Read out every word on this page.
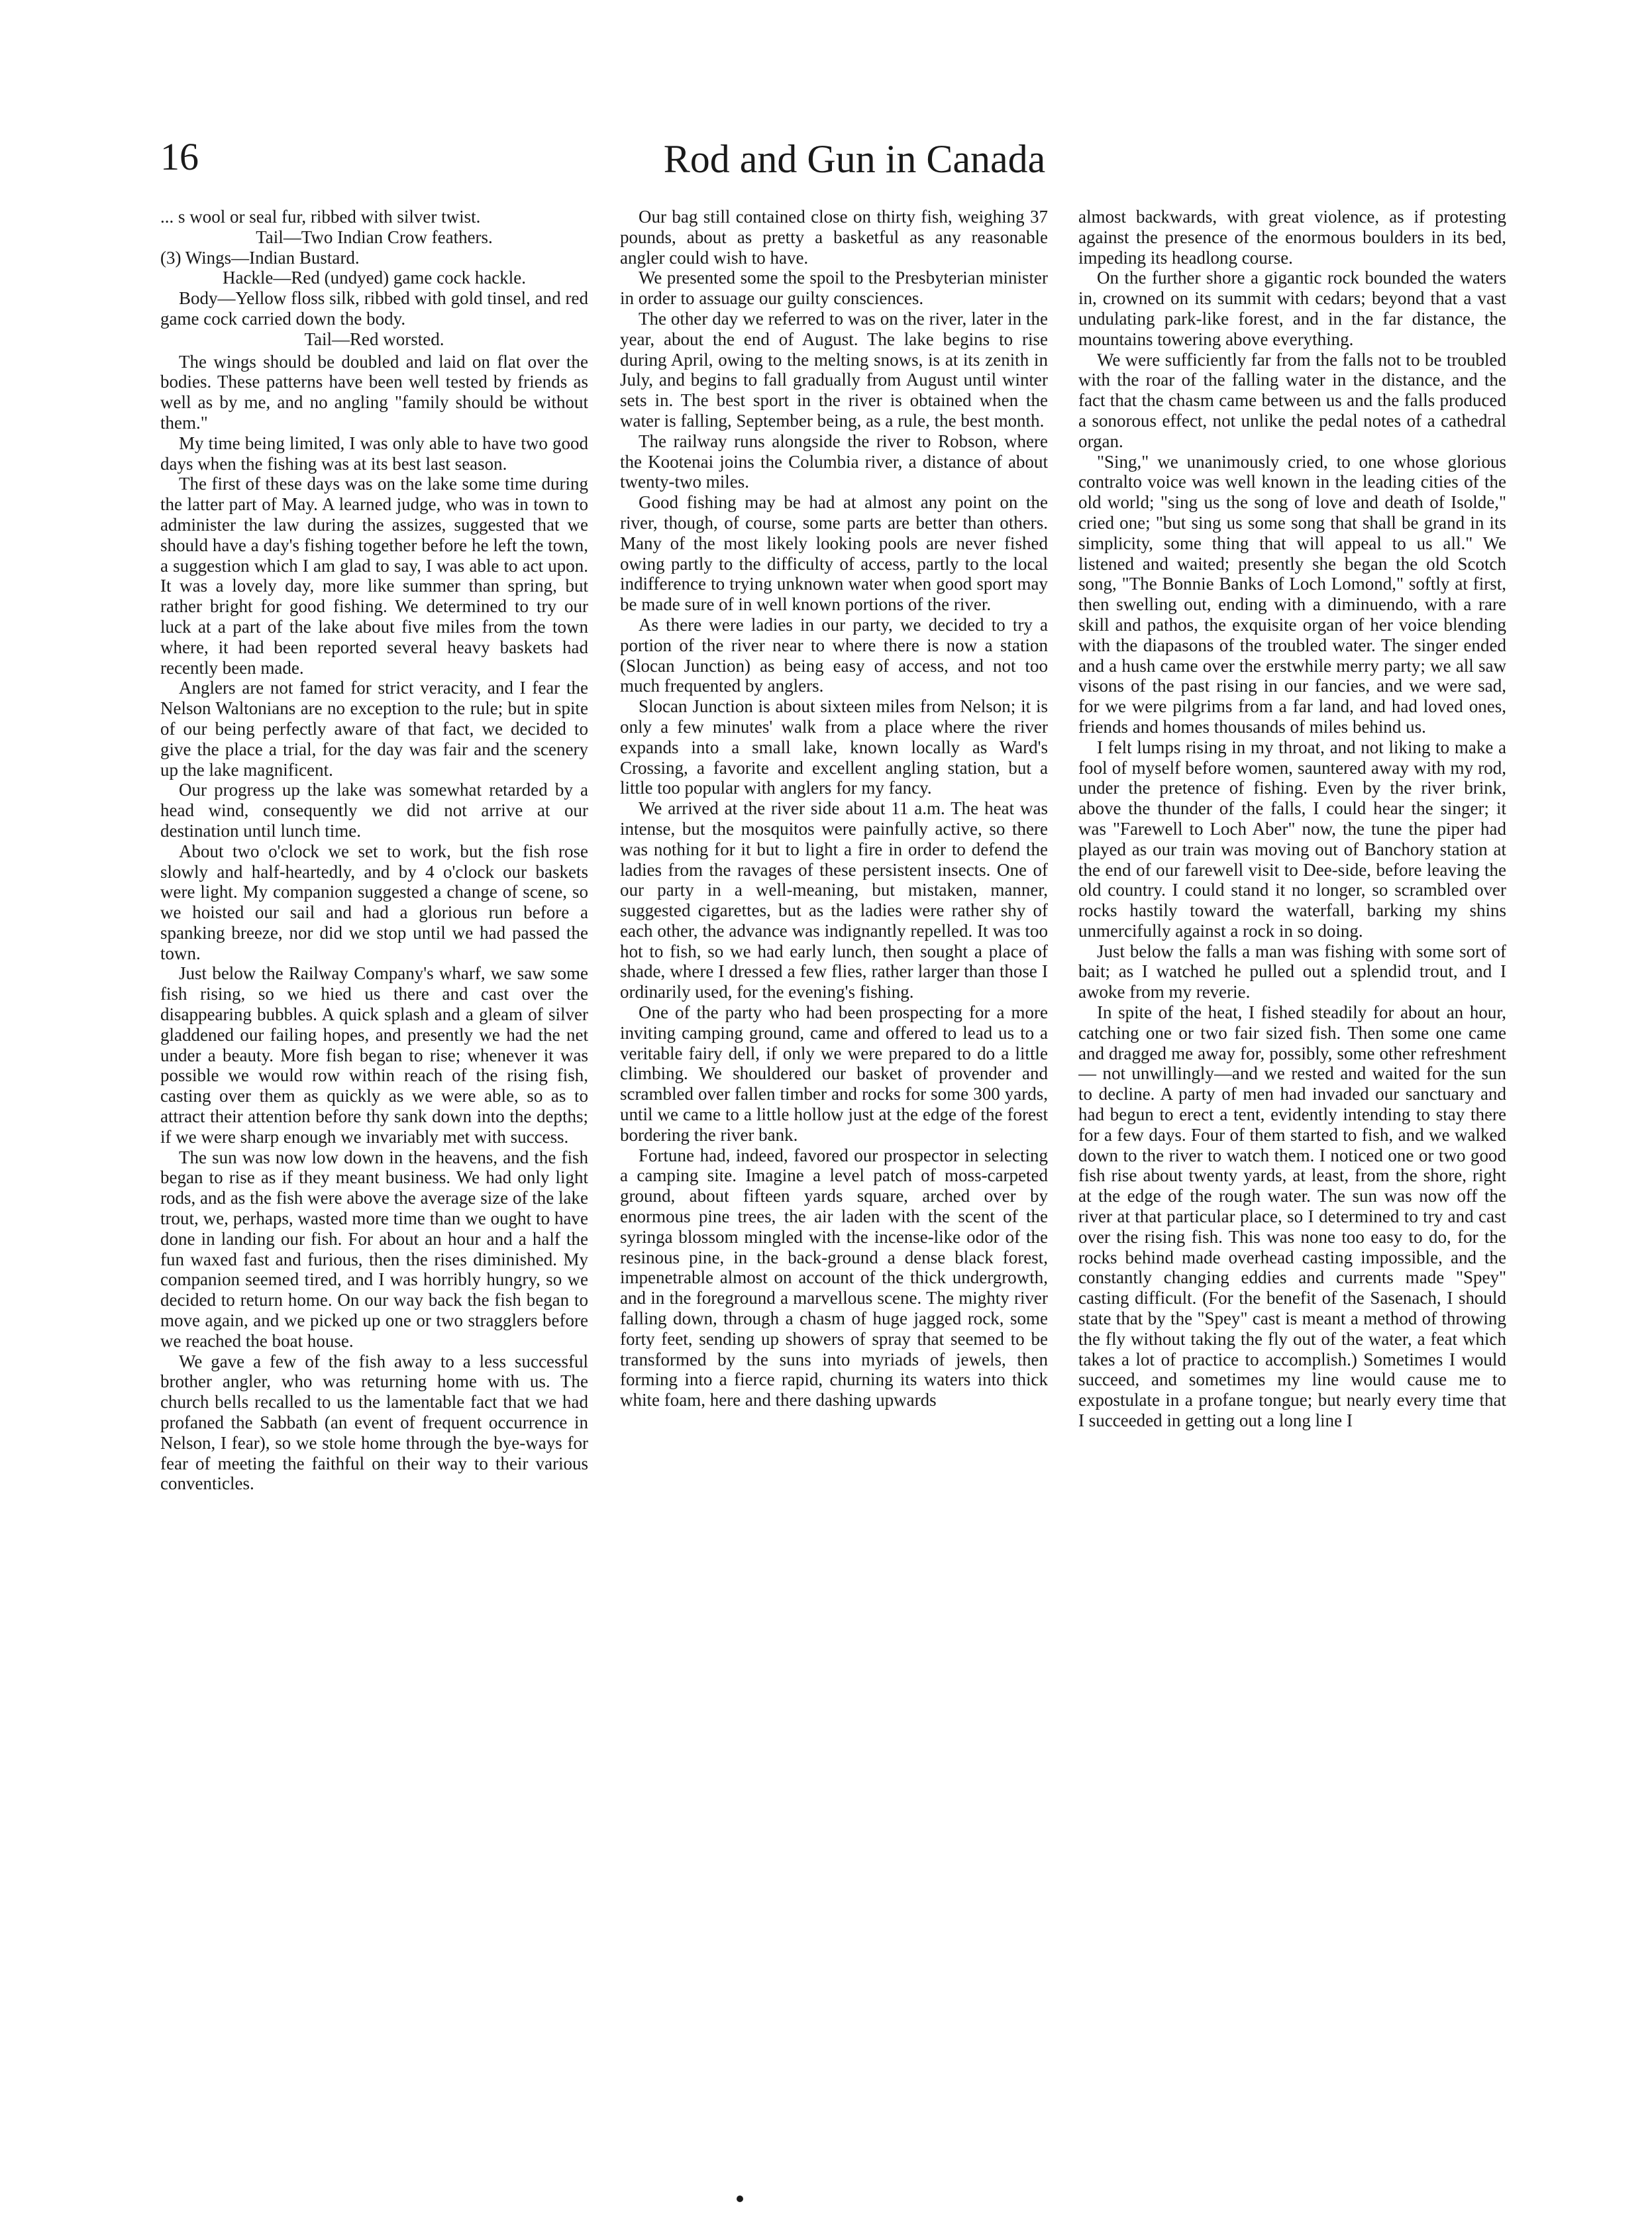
16	Rod and Gun in Canada

... s wool or seal fur, ribbed with silver twist.

Tail—Two Indian Crow feathers.

(3) Wings—Indian Bustard.

Hackle—Red (undyed) game cock hackle.

Body—Yellow floss silk, ribbed with gold tinsel, and red game cock carried down the body.

Tail—Red worsted.

The wings should be doubled and laid on flat over the bodies. These patterns have been well tested by friends as well as by me, and no angling "family should be without them."

My time being limited, I was only able to have two good days when the fishing was at its best last season.

The first of these days was on the lake some time during the latter part of May. A learned judge, who was in town to administer the law during the assizes, suggested that we should have a day's fishing together before he left the town, a suggestion which I am glad to say, I was able to act upon. It was a lovely day, more like summer than spring, but rather bright for good fishing. We determined to try our luck at a part of the lake about five miles from the town where, it had been reported several heavy baskets had recently been made.

Anglers are not famed for strict veracity, and I fear the Nelson Waltonians are no exception to the rule; but in spite of our being perfectly aware of that fact, we decided to give the place a trial, for the day was fair and the scenery up the lake magnificent.

Our progress up the lake was somewhat retarded by a head wind, consequently we did not arrive at our destination until lunch time.

About two o'clock we set to work, but the fish rose slowly and half-heartedly, and by 4 o'clock our baskets were light. My companion suggested a change of scene, so we hoisted our sail and had a glorious run before a spanking breeze, nor did we stop until we had passed the town.

Just below the Railway Company's wharf, we saw some fish rising, so we hied us there and cast over the disappearing bubbles. A quick splash and a gleam of silver gladdened our failing hopes, and presently we had the net under a beauty. More fish began to rise; whenever it was possible we would row within reach of the rising fish, casting over them as quickly as we were able, so as to attract their attention before thy sank down into the depths; if we were sharp enough we invariably met with success.

The sun was now low down in the heavens, and the fish began to rise as if they meant business. We had only light rods, and as the fish were above the average size of the lake trout, we, perhaps, wasted more time than we ought to have done in landing our fish. For about an hour and a half the fun waxed fast and furious, then the rises diminished. My companion seemed tired, and I was horribly hungry, so we decided to return home. On our way back the fish began to move again, and we picked up one or two stragglers before we reached the boat house.

We gave a few of the fish away to a less successful brother angler, who was returning home with us. The church bells recalled to us the lamentable fact that we had profaned the Sabbath (an event of frequent occurrence in Nelson, I fear), so we stole home through the bye-ways for fear of meeting the faithful on their way to their various conventicles.

Our bag still contained close on thirty fish, weighing 37 pounds, about as pretty a basketful as any reasonable angler could wish to have.

We presented some the spoil to the Presbyterian minister in order to assuage our guilty consciences.

The other day we referred to was on the river, later in the year, about the end of August. The lake begins to rise during April, owing to the melting snows, is at its zenith in July, and begins to fall gradually from August until winter sets in. The best sport in the river is obtained when the water is falling, September being, as a rule, the best month.

The railway runs alongside the river to Robson, where the Kootenai joins the Columbia river, a distance of about twenty-two miles.

Good fishing may be had at almost any point on the river, though, of course, some parts are better than others. Many of the most likely looking pools are never fished owing partly to the difficulty of access, partly to the local indifference to trying unknown water when good sport may be made sure of in well known portions of the river.

As there were ladies in our party, we decided to try a portion of the river near to where there is now a station (Slocan Junction) as being easy of access, and not too much frequented by anglers.

Slocan Junction is about sixteen miles from Nelson; it is only a few minutes' walk from a place where the river expands into a small lake, known locally as Ward's Crossing, a favorite and excellent angling station, but a little too popular with anglers for my fancy.

We arrived at the river side about 11 a.m. The heat was intense, but the mosquitos were painfully active, so there was nothing for it but to light a fire in order to defend the ladies from the ravages of these persistent insects. One of our party in a well-meaning, but mistaken, manner, suggested cigarettes, but as the ladies were rather shy of each other, the advance was indignantly repelled. It was too hot to fish, so we had early lunch, then sought a place of shade, where I dressed a few flies, rather larger than those I ordinarily used, for the evening's fishing.

One of the party who had been prospecting for a more inviting camping ground, came and offered to lead us to a veritable fairy dell, if only we were prepared to do a little climbing. We shouldered our basket of provender and scrambled over fallen timber and rocks for some 300 yards, until we came to a little hollow just at the edge of the forest bordering the river bank.

Fortune had, indeed, favored our prospector in selecting a camping site. Imagine a level patch of moss-carpeted ground, about fifteen yards square, arched over by enormous pine trees, the air laden with the scent of the syringa blossom mingled with the incense-like odor of the resinous pine, in the back-ground a dense black forest, impenetrable almost on account of the thick undergrowth, and in the foreground a marvellous scene. The mighty river falling down, through a chasm of huge jagged rock, some forty feet, sending up showers of spray that seemed to be transformed by the suns into myriads of jewels, then forming into a fierce rapid, churning its waters into thick white foam, here and there dashing upwards

almost backwards, with great violence, as if protesting against the presence of the enormous boulders in its bed, impeding its headlong course.

On the further shore a gigantic rock bounded the waters in, crowned on its summit with cedars; beyond that a vast undulating park-like forest, and in the far distance, the mountains towering above everything.

We were sufficiently far from the falls not to be troubled with the roar of the falling water in the distance, and the fact that the chasm came between us and the falls produced a sonorous effect, not unlike the pedal notes of a cathedral organ.

"Sing," we unanimously cried, to one whose glorious contralto voice was well known in the leading cities of the old world; "sing us the song of love and death of Isolde," cried one; "but sing us some song that shall be grand in its simplicity, some thing that will appeal to us all." We listened and waited; presently she began the old Scotch song, "The Bonnie Banks of Loch Lomond," softly at first, then swelling out, ending with a diminuendo, with a rare skill and pathos, the exquisite organ of her voice blending with the diapasons of the troubled water. The singer ended and a hush came over the erstwhile merry party; we all saw visons of the past rising in our fancies, and we were sad, for we were pilgrims from a far land, and had loved ones, friends and homes thousands of miles behind us.

I felt lumps rising in my throat, and not liking to make a fool of myself before women, sauntered away with my rod, under the pretence of fishing. Even by the river brink, above the thunder of the falls, I could hear the singer; it was "Farewell to Loch Aber" now, the tune the piper had played as our train was moving out of Banchory station at the end of our farewell visit to Dee-side, before leaving the old country. I could stand it no longer, so scrambled over rocks hastily toward the waterfall, barking my shins unmercifully against a rock in so doing.

Just below the falls a man was fishing with some sort of bait; as I watched he pulled out a splendid trout, and I awoke from my reverie.

In spite of the heat, I fished steadily for about an hour, catching one or two fair sized fish. Then some one came and dragged me away for, possibly, some other refreshment — not unwillingly—and we rested and waited for the sun to decline. A party of men had invaded our sanctuary and had begun to erect a tent, evidently intending to stay there for a few days. Four of them started to fish, and we walked down to the river to watch them. I noticed one or two good fish rise about twenty yards, at least, from the shore, right at the edge of the rough water. The sun was now off the river at that particular place, so I determined to try and cast over the rising fish. This was none too easy to do, for the rocks behind made overhead casting impossible, and the constantly changing eddies and currents made "Spey" casting difficult. (For the benefit of the Sasenach, I should state that by the "Spey" cast is meant a method of throwing the fly without taking the fly out of the water, a feat which takes a lot of practice to accomplish.) Sometimes I would succeed, and sometimes my line would cause me to expostulate in a profane tongue; but nearly every time that I succeeded in getting out a long line I
